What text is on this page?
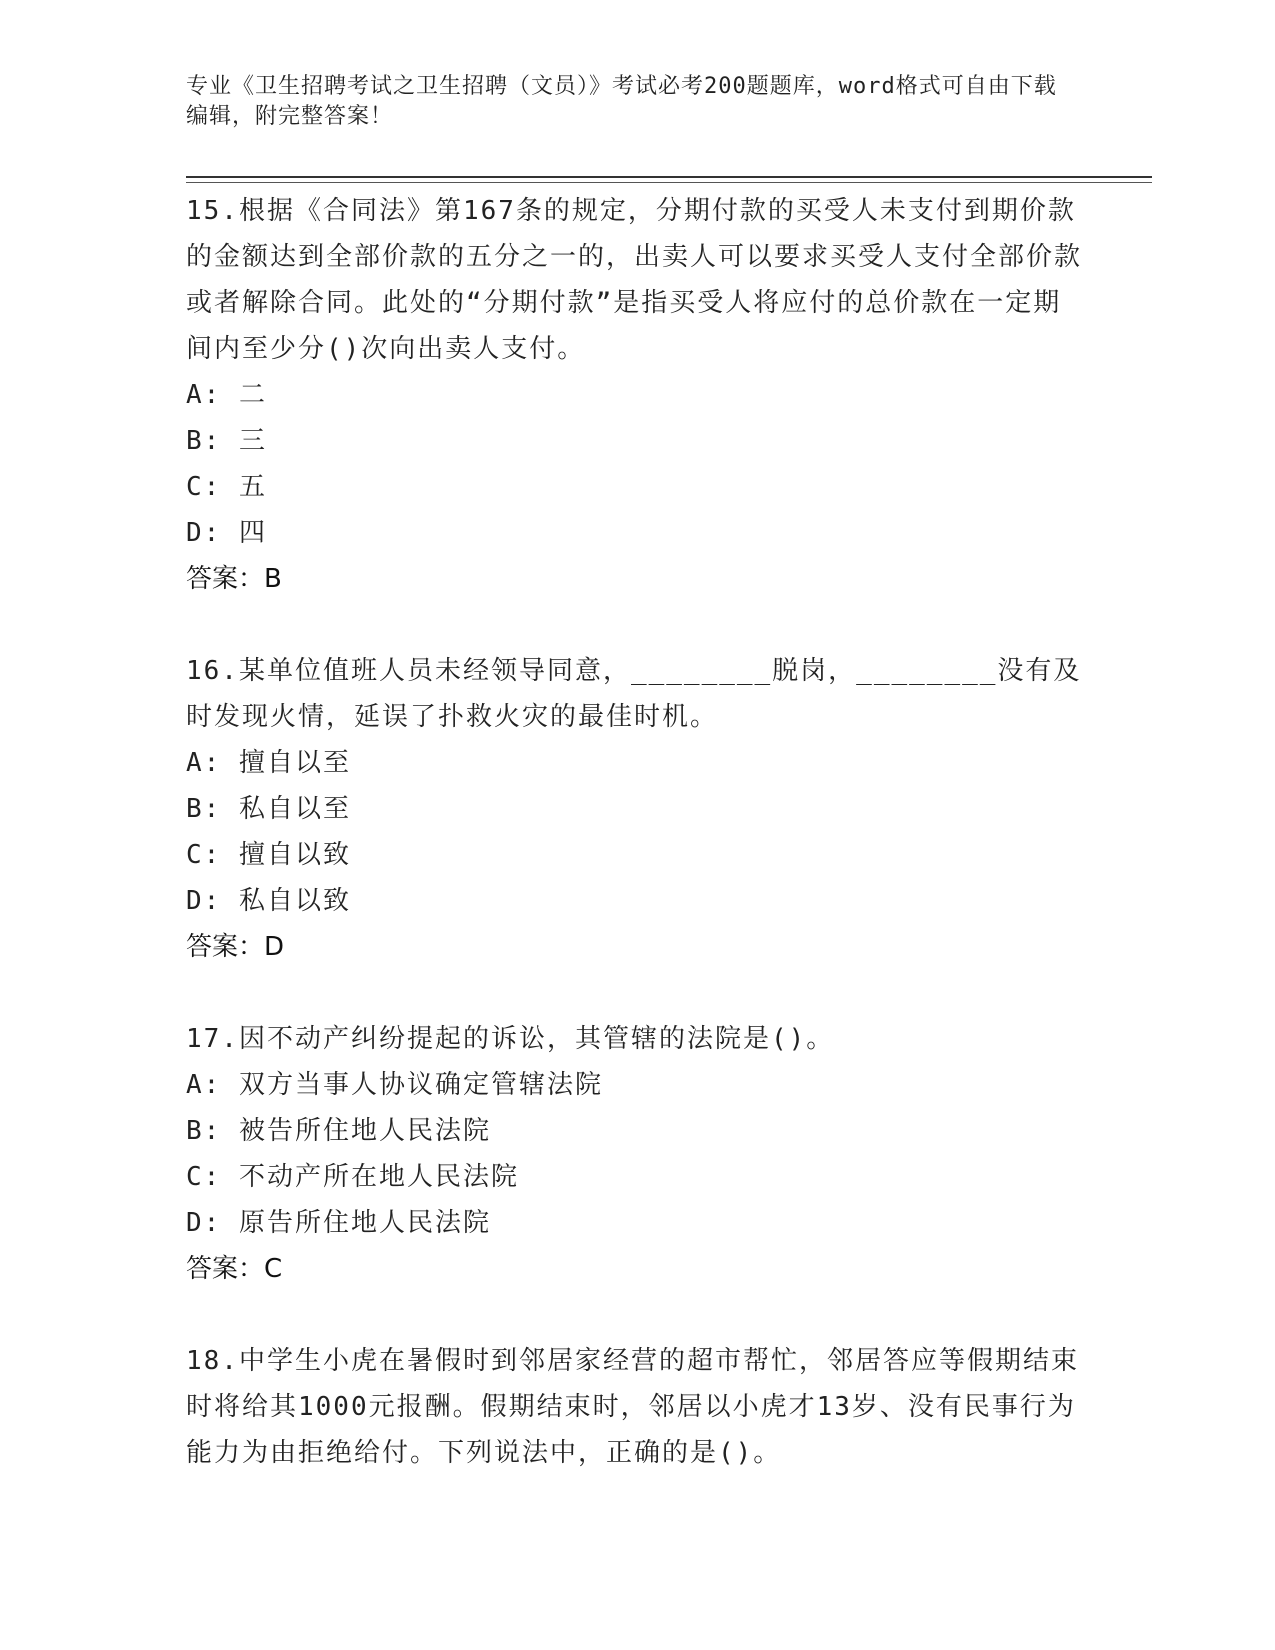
专业《卫生招聘考试之卫生招聘（文员）》考试必考200题题库，word格式可自由下载编辑，附完整答案！
15.根据《合同法》第167条的规定，分期付款的买受人未支付到期价款的金额达到全部价款的五分之一的，出卖人可以要求买受人支付全部价款或者解除合同。此处的“分期付款”是指买受人将应付的总价款在一定期间内至少分()次向出卖人支付。
A: 二
B: 三
C: 五
D: 四
答案：B
16.某单位值班人员未经领导同意，________脱岗，________没有及时发现火情，延误了扑救火灾的最佳时机。
A: 擅自以至
B: 私自以至
C: 擅自以致
D: 私自以致
答案：D
17.因不动产纠纷提起的诉讼，其管辖的法院是()。
A: 双方当事人协议确定管辖法院
B: 被告所住地人民法院
C: 不动产所在地人民法院
D: 原告所住地人民法院
答案：C
18.中学生小虎在暑假时到邻居家经营的超市帮忙，邻居答应等假期结束时将给其1000元报酬。假期结束时，邻居以小虎才13岁、没有民事行为能力为由拒绝给付。下列说法中，正确的是()。
